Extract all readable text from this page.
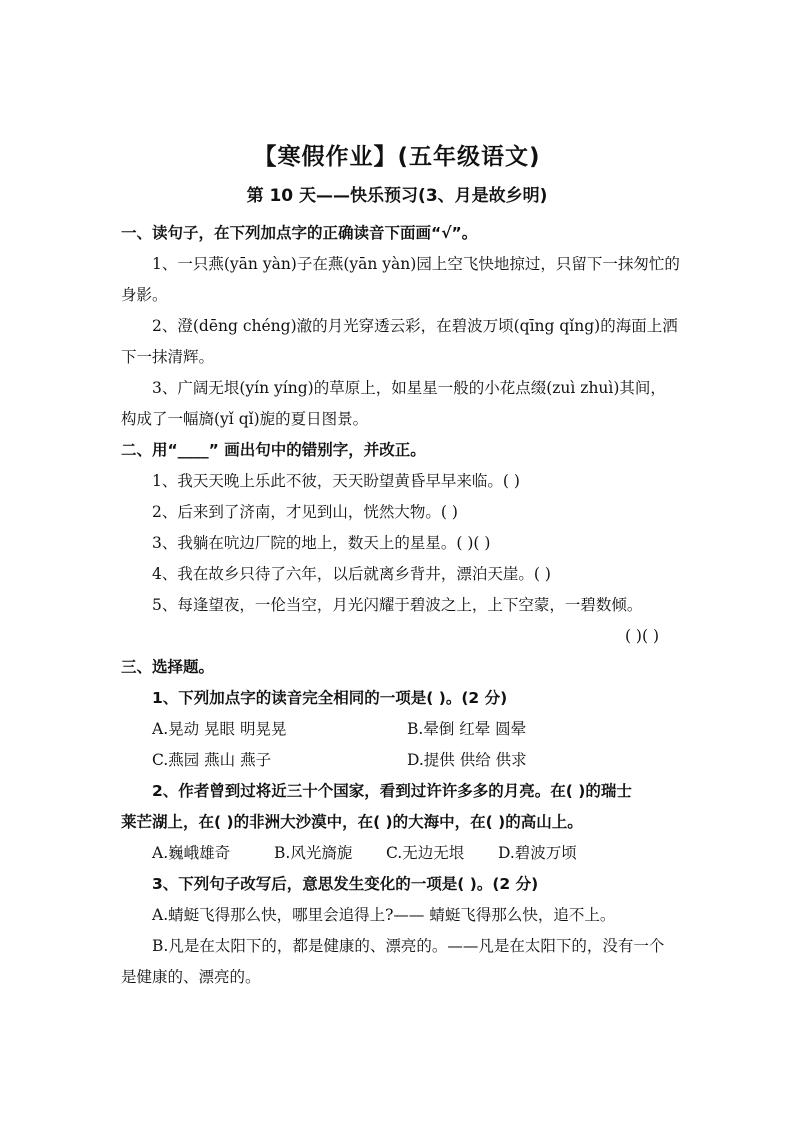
【寒假作业】(五年级语文)
第 10 天——快乐预习(3、月是故乡明)
一、读句子，在下列加点字的正确读音下面画“√”。
1、一只燕(yān yàn)子在燕(yān yàn)园上空飞快地掠过，只留下一抹匆忙的
身影。
2、澄(dēng chéng)澈的月光穿透云彩，在碧波万顷(qīng qǐng)的海面上洒
下一抹清辉。
3、广阔无垠(yín yíng)的草原上，如星星一般的小花点缀(zuì zhuì)其间，
构成了一幅旖(yǐ qǐ)旎的夏日图景。
二、用“____” 画出句中的错别字，并改正。
1、我天天晚上乐此不彼，天天盼望黄昏早早来临。( )
2、后来到了济南，才见到山，恍然大物。( )
3、我躺在吭边厂院的地上，数天上的星星。( )( )
4、我在故乡只待了六年，以后就离乡背井，漂泊天崖。( )
5、每逢望夜，一伦当空，月光闪耀于碧波之上，上下空蒙，一碧数倾。
( )( )
三、选择题。
1、下列加点字的读音完全相同的一项是( )。(2 分)
A.晃动 晃眼 明晃晃	B.晕倒 红晕 圆晕
C.燕园 燕山 燕子	D.提供 供给 供求
2、作者曾到过将近三十个国家，看到过许许多多的月亮。在( )的瑞士
莱芒湖上，在( )的非洲大沙漠中，在( )的大海中，在( )的高山上。
A.巍峨雄奇	B.风光旖旎	C.无边无垠	D.碧波万顷
3、下列句子改写后，意思发生变化的一项是( )。(2 分)
A.蜻蜓飞得那么快，哪里会追得上?—— 蜻蜓飞得那么快，追不上。
B.凡是在太阳下的，都是健康的、漂亮的。——凡是在太阳下的，没有一个
是健康的、漂亮的。
